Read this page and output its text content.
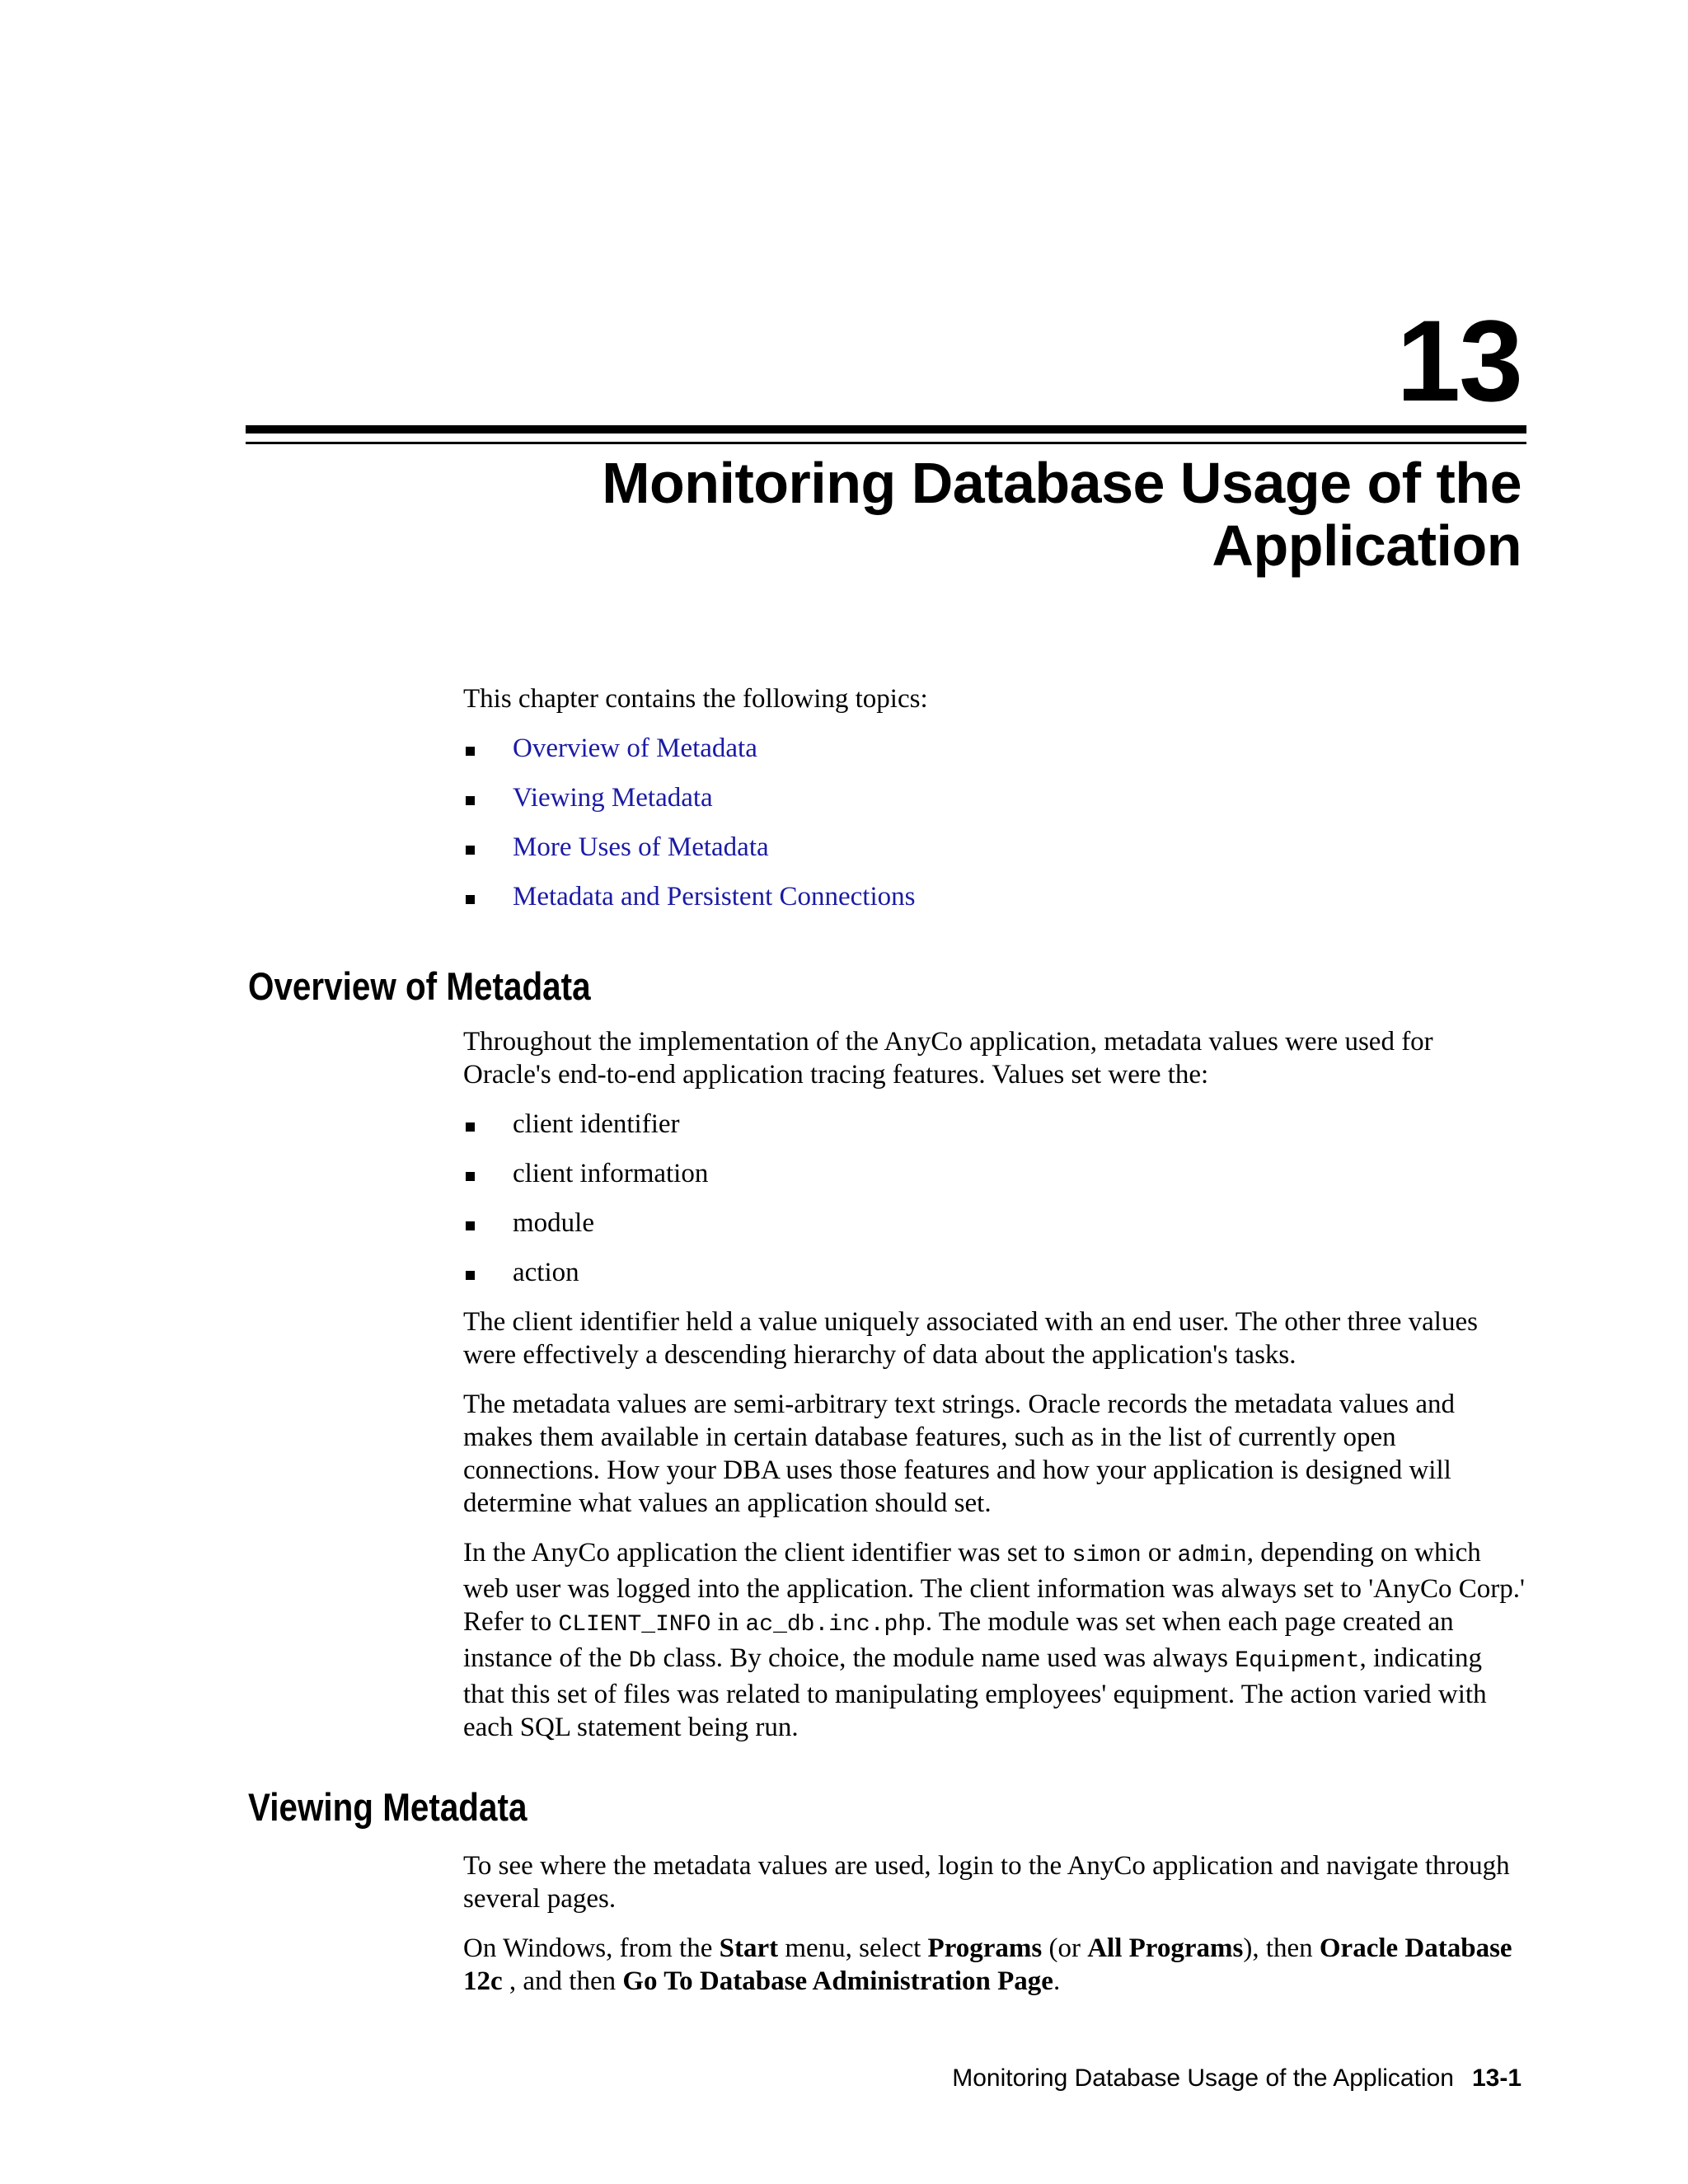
13
Monitoring Database Usage of the
Application

This chapter contains the following topics:

Overview of Metadata
Viewing Metadata
More Uses of Metadata
Metadata and Persistent Connections
Overview of Metadata

Throughout the implementation of the AnyCo application, metadata values were used for Oracle's end-to-end application tracing features. Values set were the:

client identifier
client information
module
action

The client identifier held a value uniquely associated with an end user. The other three values were effectively a descending hierarchy of data about the application's tasks.

The metadata values are semi-arbitrary text strings. Oracle records the metadata values and makes them available in certain database features, such as in the list of currently open connections. How your DBA uses those features and how your application is designed will determine what values an application should set.

In the AnyCo application the client identifier was set to simon or admin, depending on which web user was logged into the application. The client information was always set to 'AnyCo Corp.' Refer to CLIENT_INFO in ac_db.inc.php. The module was set when each page created an instance of the Db class. By choice, the module name used was always Equipment, indicating that this set of files was related to manipulating employees' equipment. The action varied with each SQL statement being run.

Viewing Metadata

To see where the metadata values are used, login to the AnyCo application and navigate through several pages.

On Windows, from the Start menu, select Programs (or All Programs), then Oracle Database 12c , and then Go To Database Administration Page.

Monitoring Database Usage of the Application 13-1
